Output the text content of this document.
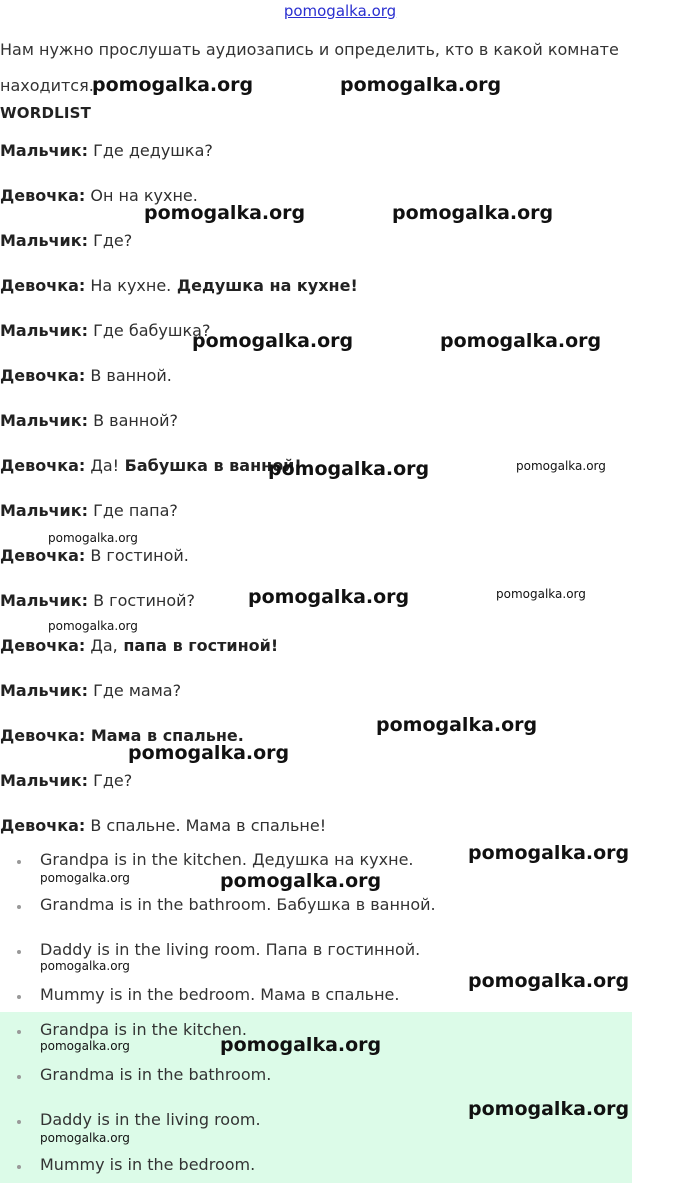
pomogalka.org
Нам нужно прослушать аудиозапись и определить, кто в какой комнате находится.
WORDLIST
Мальчик: Где дедушка?
Девочка: Он на кухне.
Мальчик: Где?
Девочка: На кухне. Дедушка на кухне!
Мальчик: Где бабушка?
Девочка: В ванной.
Мальчик: В ванной?
Девочка: Да! Бабушка в ванной!
Мальчик: Где папа?
Девочка: В гостиной.
Мальчик: В гостиной?
Девочка: Да, папа в гостиной!
Мальчик: Где мама?
Девочка: Мама в спальне.
Мальчик: Где?
Девочка: В спальне. Мама в спальне!
Grandpa is in the kitchen. Дедушка на кухне.
Grandma is in the bathroom. Бабушка в ванной.
Daddy is in the living room. Папа в гостинной.
Mummy is in the bedroom. Мама в спальне.
Grandpa is in the kitchen.
Grandma is in the bathroom.
Daddy is in the living room.
Mummy is in the bedroom.
pomogalka.org	pomogalka.org
pomogalka.org	pomogalka.org
pomogalka.org	pomogalka.org
pomogalka.org	pomogalka.org
pomogalka.org
pomogalka.org	pomogalka.org
pomogalka.org
pomogalka.org
pomogalka.org
pomogalka.org
pomogalka.org	pomogalka.org
pomogalka.org
pomogalka.org
pomogalka.org	pomogalka.org
pomogalka.org
pomogalka.org
